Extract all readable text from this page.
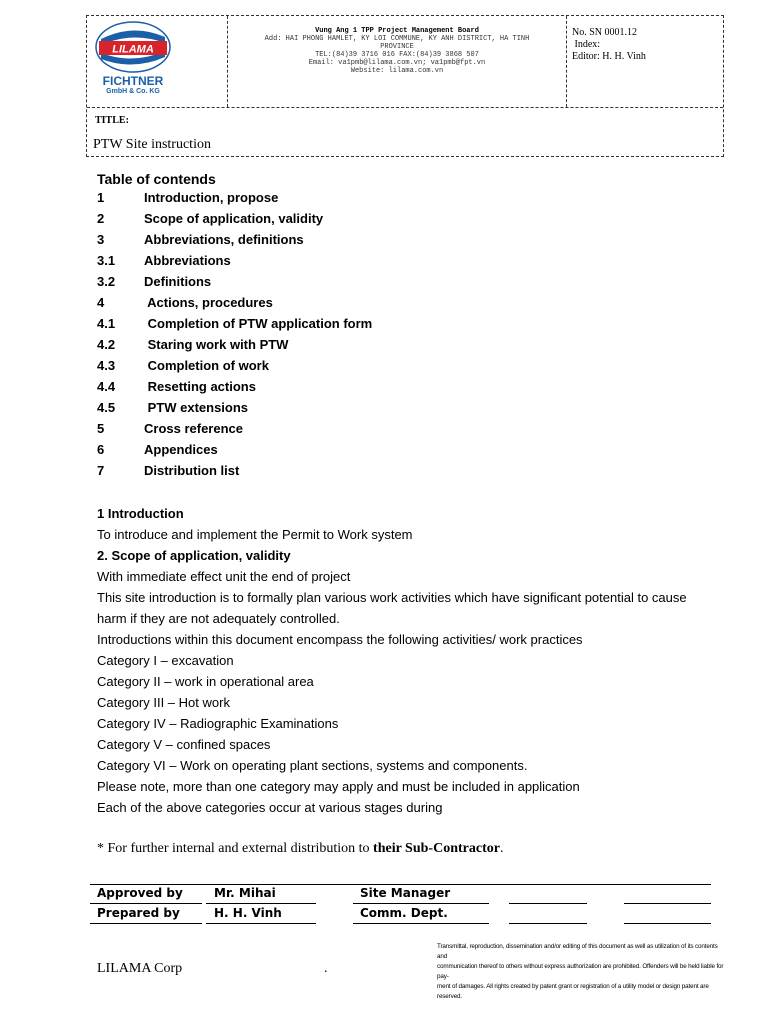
LILAMA
FICHTNER
GmbH & Co. KG
Vung Ang 1 TPP Project Management Board
Add: HAI PHONG HAMLET, KY LOI COMMUNE, KY ANH DISTRICT, HA TINH
PROVINCE
TEL:(84)39 3716 016 FAX:(84)39 3868 507
Email: va1pmb@lilama.com.vn; va1pmb@fpt.vn
Website: lilama.com.vn
No. SN 0001.12
Index:
Editor: H. H. Vinh
TITLE:
PTW Site instruction
Table of contends
1	Introduction, propose
2	Scope of application, validity
3	Abbreviations, definitions
3.1 Abbreviations
3.2 Definitions
4	Actions, procedures
4.1 Completion of PTW application form
4.2 Staring work with PTW
4.3 Completion of work
4.4 Resetting actions
4.5 PTW extensions
5	Cross reference
6	Appendices
7	Distribution list
1 Introduction
To introduce and implement the Permit to Work system
2. Scope of application, validity
With immediate effect unit the end of project
This site introduction is to formally plan various work activities which have significant potential to cause
harm if they are not adequately controlled.
Introductions within this document encompass the following activities/ work practices
Category I – excavation
Category II – work in operational area
Category III – Hot work
Category IV – Radiographic Examinations
Category V – confined spaces
Category VI – Work on operating plant sections, systems and components.
Please note, more than one category may apply and must be included in application
Each of the above categories occur at various stages during
* For further internal and external distribution to their Sub-Contractor.
Approved by	Mr. Mihai	Site Manager
Prepared by	H. H. Vinh	Comm. Dept.
LILAMA Corp	.
Transmittal, reproduction, dissemination and/or editing of this document as well as utilization of its contents and
communication thereof to others without express authorization are prohibited. Offenders will be held liable for pay-
ment of damages. All rights created by patent grant or registration of a utility model or design patent are reserved.
